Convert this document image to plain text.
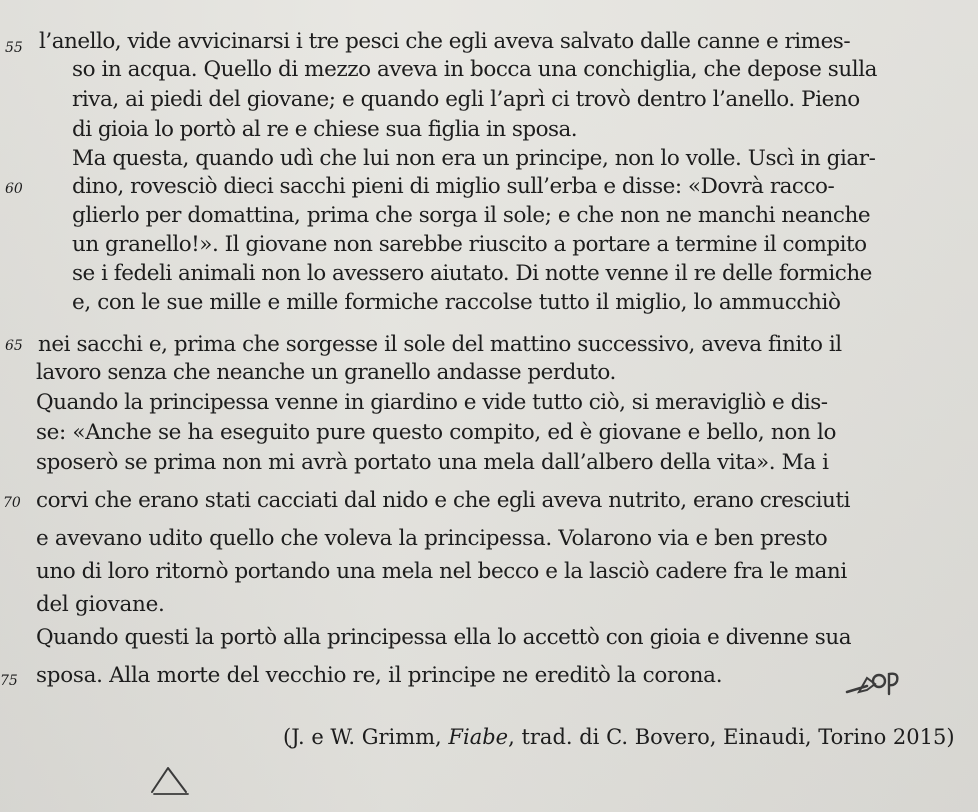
55
60
65
70
75
l’anello, vide avvicinarsi i tre pesci che egli aveva salvato dalle canne e rimes-
so in acqua. Quello di mezzo aveva in bocca una conchiglia, che depose sulla
riva, ai piedi del giovane; e quando egli l’aprì ci trovò dentro l’anello. Pieno
di gioia lo portò al re e chiese sua figlia in sposa.
Ma questa, quando udì che lui non era un principe, non lo volle. Uscì in giar-
dino, rovesciò dieci sacchi pieni di miglio sull’erba e disse: «Dovrà racco-
glierlo per domattina, prima che sorga il sole; e che non ne manchi neanche
un granello!». Il giovane non sarebbe riuscito a portare a termine il compito
se i fedeli animali non lo avessero aiutato. Di notte venne il re delle formiche
e, con le sue mille e mille formiche raccolse tutto il miglio, lo ammucchiò
nei sacchi e, prima che sorgesse il sole del mattino successivo, aveva finito il
lavoro senza che neanche un granello andasse perduto.
Quando la principessa venne in giardino e vide tutto ciò, si meravigliò e dis-
se: «Anche se ha eseguito pure questo compito, ed è giovane e bello, non lo
sposerò se prima non mi avrà portato una mela dall’albero della vita». Ma i
corvi che erano stati cacciati dal nido e che egli aveva nutrito, erano cresciuti
e avevano udito quello che voleva la principessa. Volarono via e ben presto
uno di loro ritornò portando una mela nel becco e la lasciò cadere fra le mani
del giovane.
Quando questi la portò alla principessa ella lo accettò con gioia e divenne sua
sposa. Alla morte del vecchio re, il principe ne ereditò la corona.
(J. e W. Grimm, Fiabe, trad. di C. Bovero, Einaudi, Torino 2015)
